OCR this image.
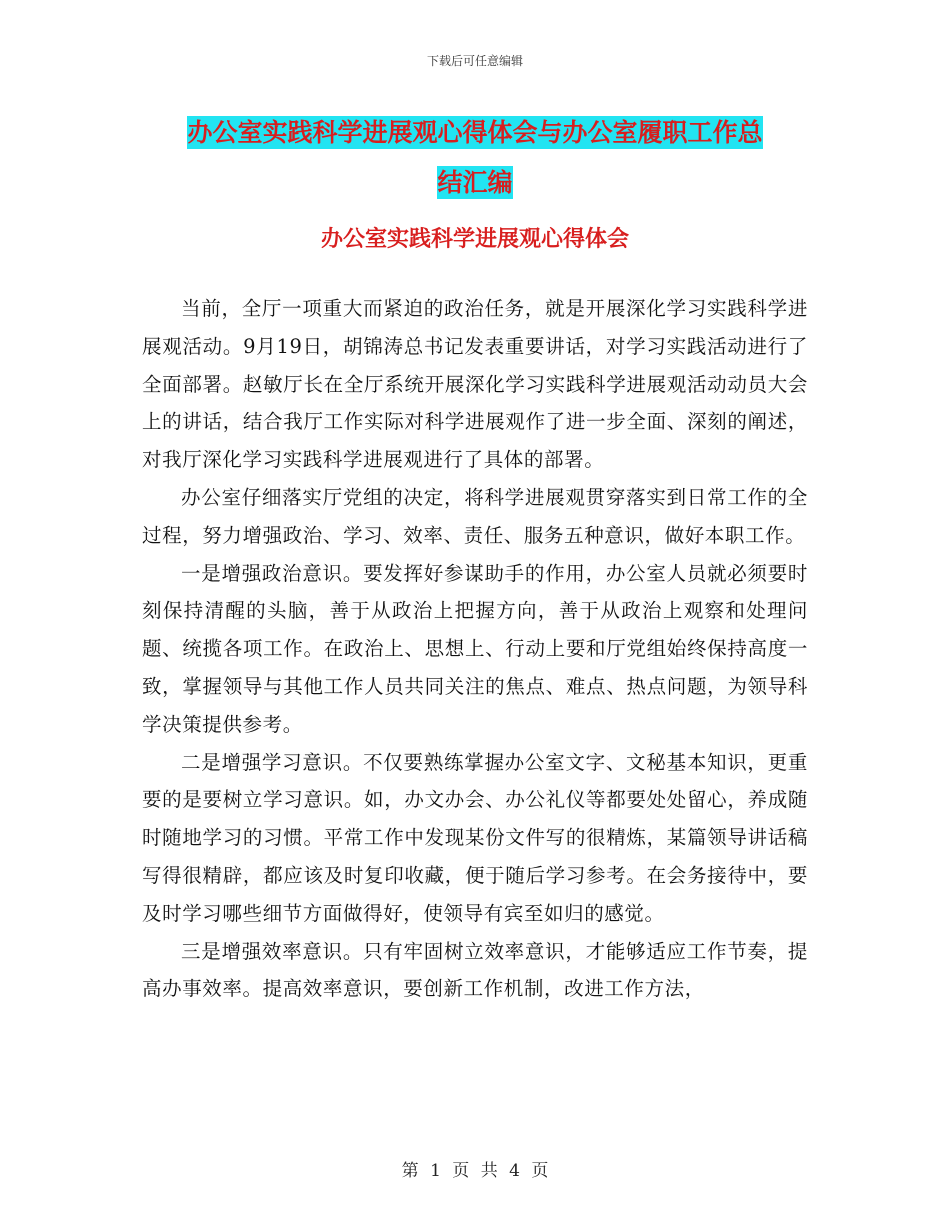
下载后可任意编辑
办公室实践科学进展观心得体会与办公室履职工作总
结汇编
办公室实践科学进展观心得体会

当前，全厅一项重大而紧迫的政治任务，就是开展深化学习实践科学进展观活动。9月19日，胡锦涛总书记发表重要讲话，对学习实践活动进行了全面部署。赵敏厅长在全厅系统开展深化学习实践科学进展观活动动员大会上的讲话，结合我厅工作实际对科学进展观作了进一步全面、深刻的阐述，对我厅深化学习实践科学进展观进行了具体的部署。

办公室仔细落实厅党组的决定，将科学进展观贯穿落实到日常工作的全过程，努力增强政治、学习、效率、责任、服务五种意识，做好本职工作。

一是增强政治意识。要发挥好参谋助手的作用，办公室人员就必须要时刻保持清醒的头脑，善于从政治上把握方向，善于从政治上观察和处理问题、统揽各项工作。在政治上、思想上、行动上要和厅党组始终保持高度一致，掌握领导与其他工作人员共同关注的焦点、难点、热点问题，为领导科学决策提供参考。

二是增强学习意识。不仅要熟练掌握办公室文字、文秘基本知识，更重要的是要树立学习意识。如，办文办会、办公礼仪等都要处处留心，养成随时随地学习的习惯。平常工作中发现某份文件写的很精炼，某篇领导讲话稿写得很精辟，都应该及时复印收藏，便于随后学习参考。在会务接待中，要及时学习哪些细节方面做得好，使领导有宾至如归的感觉。

三是增强效率意识。只有牢固树立效率意识，才能够适应工作节奏，提高办事效率。提高效率意识，要创新工作机制，改进工作方法，

第 1 页 共 4 页
